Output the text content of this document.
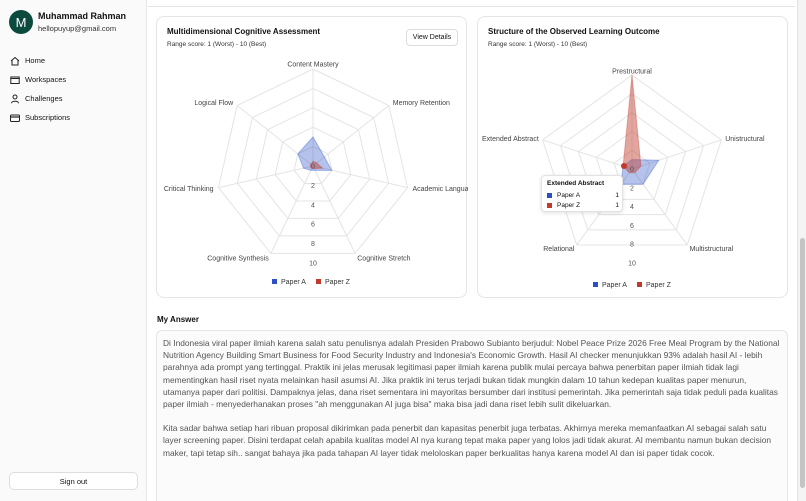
M	Muhammad Rahman
hellopuyup@gmail.com
Home
Workspaces
Challenges
Subscriptions
Sign out
Multidimensional Cognitive Assessment
Range score: 1 (Worst) - 10 (Best)
View Details
0
2
4
6
8
10
Content Mastery
Memory Retention
Academic Langua
Cognitive Stretch
Cognitive Synthesis
Critical Thinking
Logical Flow
Paper A	Paper Z
Structure of the Observed Learning Outcome
Range score: 1 (Worst) - 10 (Best)
0
2
4
6
8
10
Prestructural
Unistructural
Multistructural
Relational
Extended Abstract
Paper A	Paper Z
Extended Abstract
Paper A	1
Paper Z	1
My Answer

Di Indonesia viral paper ilmiah karena salah satu penulisnya adalah Presiden Prabowo Subianto berjudul: Nobel Peace Prize 2026 Free Meal Program by the National Nutrition Agency Building Smart Business for Food Security Industry and Indonesia's Economic Growth. Hasil AI checker menunjukkan 93% adalah hasil AI - lebih parahnya ada prompt yang tertinggal. Praktik ini jelas merusak legitimasi paper ilmiah karena publik mulai percaya bahwa penerbitan paper ilmiah tidak lagi mementingkan hasil riset nyata melainkan hasil asumsi AI. Jika praktik ini terus terjadi bukan tidak mungkin dalam 10 tahun kedepan kualitas paper menurun, utamanya paper dari politisi. Dampaknya jelas, dana riset sementara ini mayoritas bersumber dari institusi pemerintah. Jika pemerintah saja tidak peduli pada kualitas paper ilmiah - menyederhanakan proses "ah menggunakan AI juga bisa" maka bisa jadi dana riset lebih sulit dikeluarkan.

Kita sadar bahwa setiap hari ribuan proposal dikirimkan pada penerbit dan kapasitas penerbit juga terbatas. Akhirnya mereka memanfaatkan AI sebagai salah satu layer screening paper. Disini terdapat celah apabila kualitas model AI nya kurang tepat maka paper yang lolos jadi tidak akurat. AI membantu namun bukan decision maker, tapi tetap sih.. sangat bahaya jika pada tahapan AI layer tidak meloloskan paper berkualitas hanya karena model AI dan isi paper tidak cocok.
